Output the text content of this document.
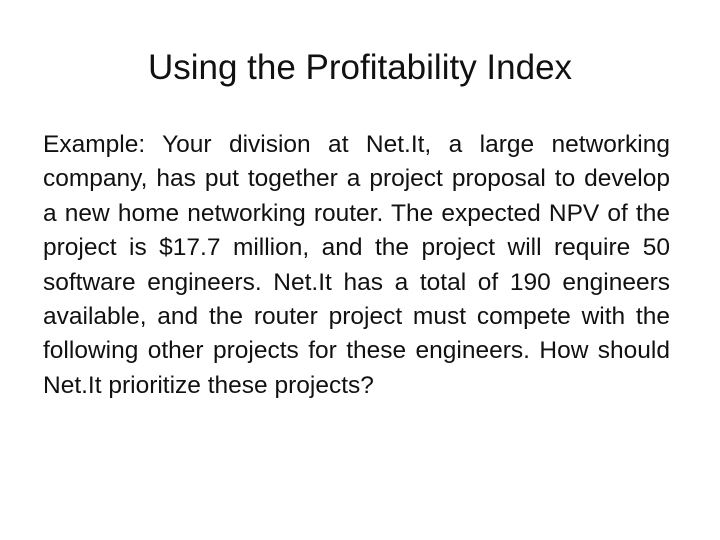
Using the Profitability Index

Example: Your division at Net.It, a large networking company, has put together a project proposal to develop a new home networking router. The expected NPV of the project is $17.7 million, and the project will require 50 software engineers. Net.It has a total of 190 engineers available, and the router project must compete with the following other projects for these engineers. How should Net.It prioritize these projects?
